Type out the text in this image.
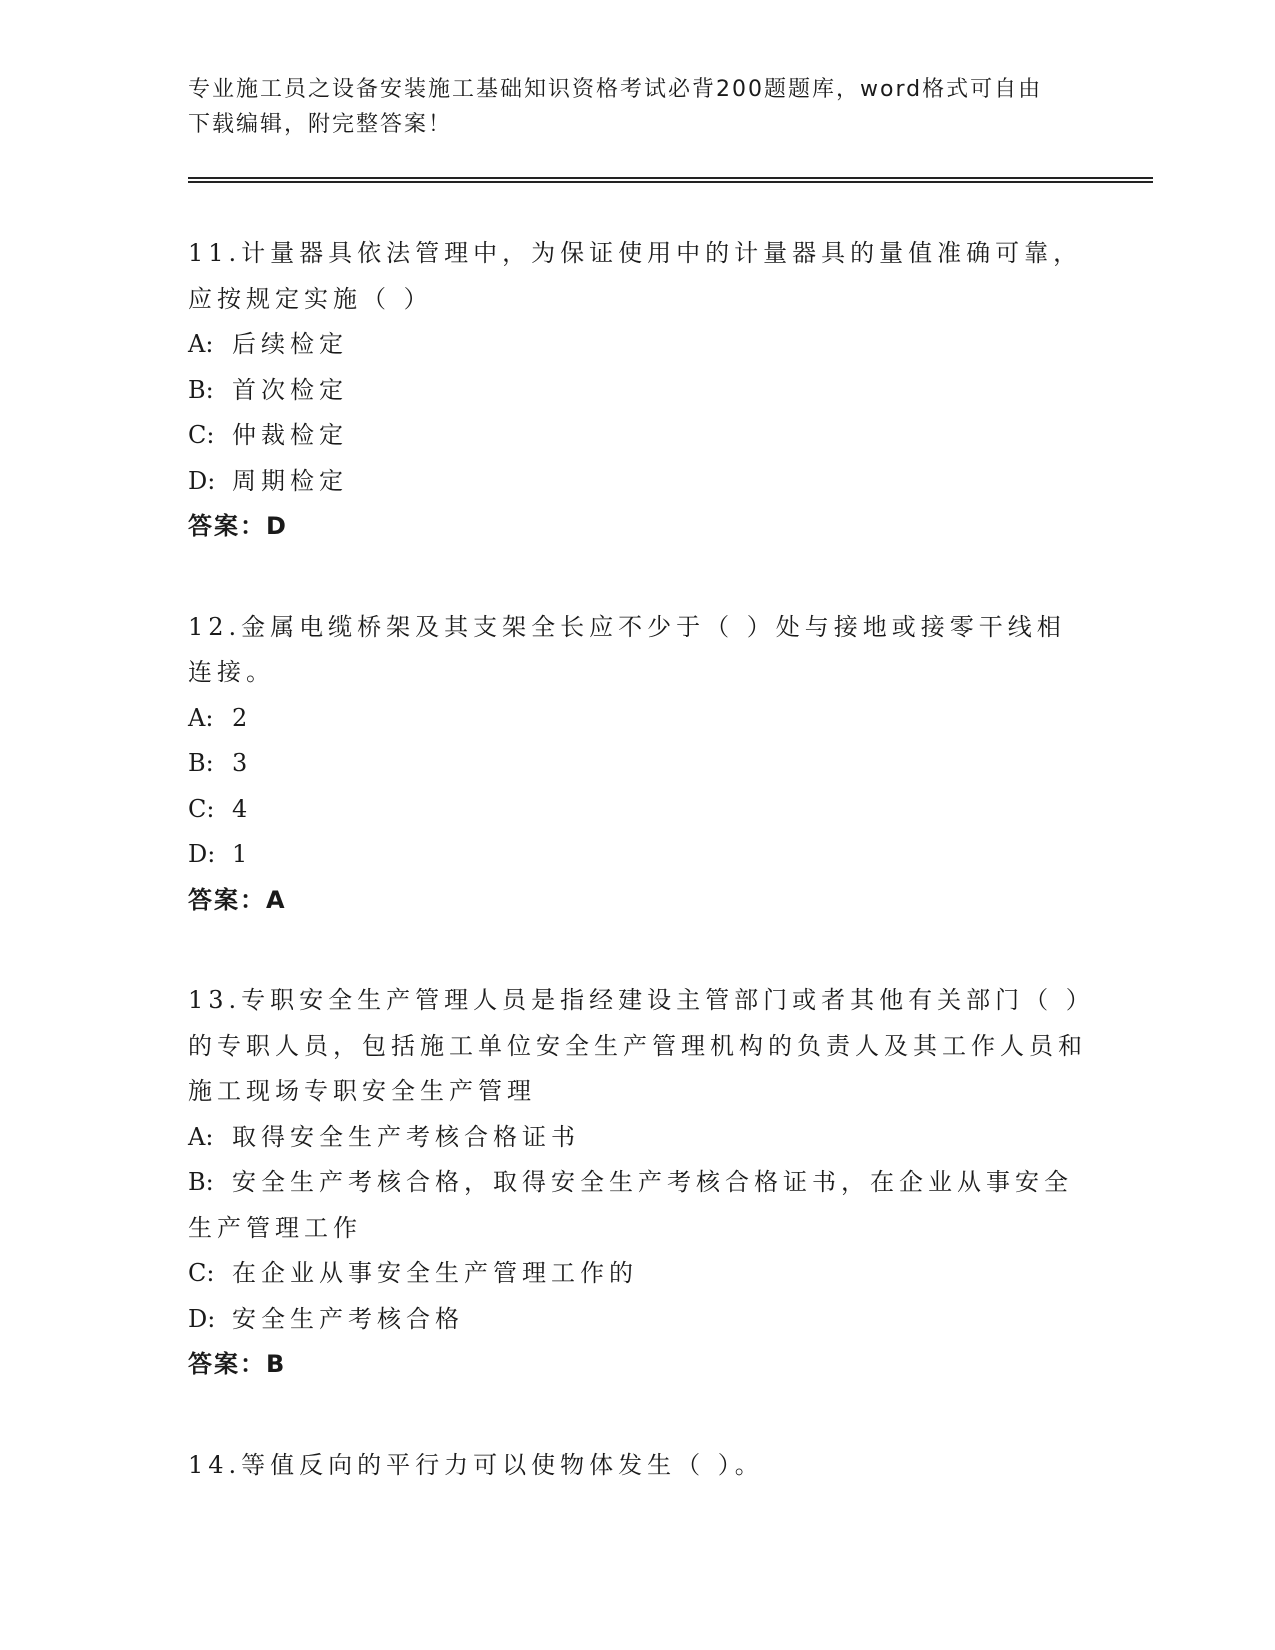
专业施工员之设备安装施工基础知识资格考试必背200题题库，word格式可自由
下载编辑，附完整答案！
11.计量器具依法管理中，为保证使用中的计量器具的量值准确可靠，应按规定实施（ ）
A: 后续检定
B: 首次检定
C: 仲裁检定
D: 周期检定
答案：D
12.金属电缆桥架及其支架全长应不少于（ ）处与接地或接零干线相连接。
A: 2
B: 3
C: 4
D: 1
答案：A
13.专职安全生产管理人员是指经建设主管部门或者其他有关部门（ ）的专职人员，包括施工单位安全生产管理机构的负责人及其工作人员和施工现场专职安全生产管理
A: 取得安全生产考核合格证书
B: 安全生产考核合格，取得安全生产考核合格证书，在企业从事安全生产管理工作
C: 在企业从事安全生产管理工作的
D: 安全生产考核合格
答案：B
14.等值反向的平行力可以使物体发生（ ）。
